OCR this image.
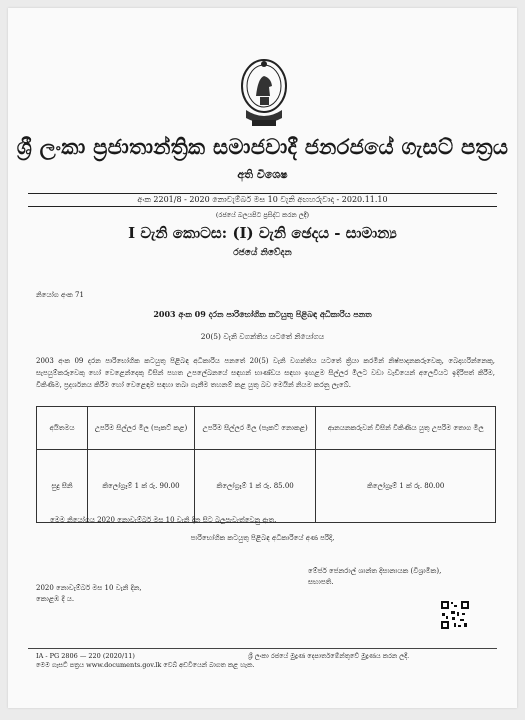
ශ්‍රී ලංකා ප්‍රජාතාන්ත්‍රික සමාජවාදී ජනරජයේ ගැසට් පත්‍රය
අති විශෙෂ
අංක 2201/8 - 2020 නොවැම්බර් මස 10 වැනි අඟහරුවාදා - 2020.11.10
(රජයේ බලයපිට ප්‍රසිද්ධ කරන ලදී)
I වැනි කොටස: (I) වැනි ඡෙදය - සාමාන්‍ය
රජයේ නිවේදන
නියෝග අංක 71
2003 අංක 09 දරන පාරිභෝගික කටයුතු පිළිබඳ අධිකාරිය පනත
20(5) වැනි වගන්තිය යටතේ නියෝගය
2003 අංක 09 දරන පාරිභෝගික කටයුතු පිළිබඳ අධිකාරිය පනතේ 20(5) වැනි වගන්තිය යටතේ ක්‍රියා කරමින් නිෂ්පාදනකරුවෙකු, බෙදාහරින්නෙකු, සැපයුම්කරුවෙකු හෝ වෙළෙන්දෙකු විසින් පහත උපලේඛනයේ සඳහන් භාණ්ඩය සඳහා ඉහළම සිල්ලර මිලට වඩා වැඩියෙන් අලෙවියට ඉදිරිපත් කිරීම, විකිණීම, ප්‍රදර්ශනය කිරීම හෝ වෙළෙඳාම සඳහා තබා ගැනීම තහනම් කළ යුතු බව මෙයින් නියම කරනු ලැබේ.
අයිතමය	උපරිම සිල්ලර මිල (පැකට් කළ)	උපරිම සිල්ලර මිල (පැකට් නොකළ)	ආනයනකරුවන් විසින් විකිණිය යුතු උපරිම තොග මිල
සුදු සීනි	කිලෝග්‍රෑම් 1 ක් රු. 90.00	කිලෝග්‍රෑම් 1 ක් රු. 85.00	කිලෝග්‍රෑම් 1 ක් රු. 80.00
මෙම නියෝගය 2020 නොවැම්බර් මස 10 වැනි දින සිට බලපැවැත්වෙනු ඇත.
පාරිභෝගික කටයුතු පිළිබඳ අධිකාරියේ අණ පරිදි,
මේජර් ජෙනරාල් ශාන්ත දිසානායක (විශ්‍රාමික),
සභාපති.
2020 නොවැම්බර් මස 10 වැනි දින,
කොළඹ දී ය.
IA - PG 2806 — 220 (2020/11)
මෙම ගැසට් පත්‍රය www.documents.gov.lk වෙබ් අඩවියෙන් බාගත කළ හැක.
ශ්‍රී ලංකා රජයේ මුද්‍රණ දෙපාර්තමේන්තුවේ මුද්‍රණය කරන ලදී.
